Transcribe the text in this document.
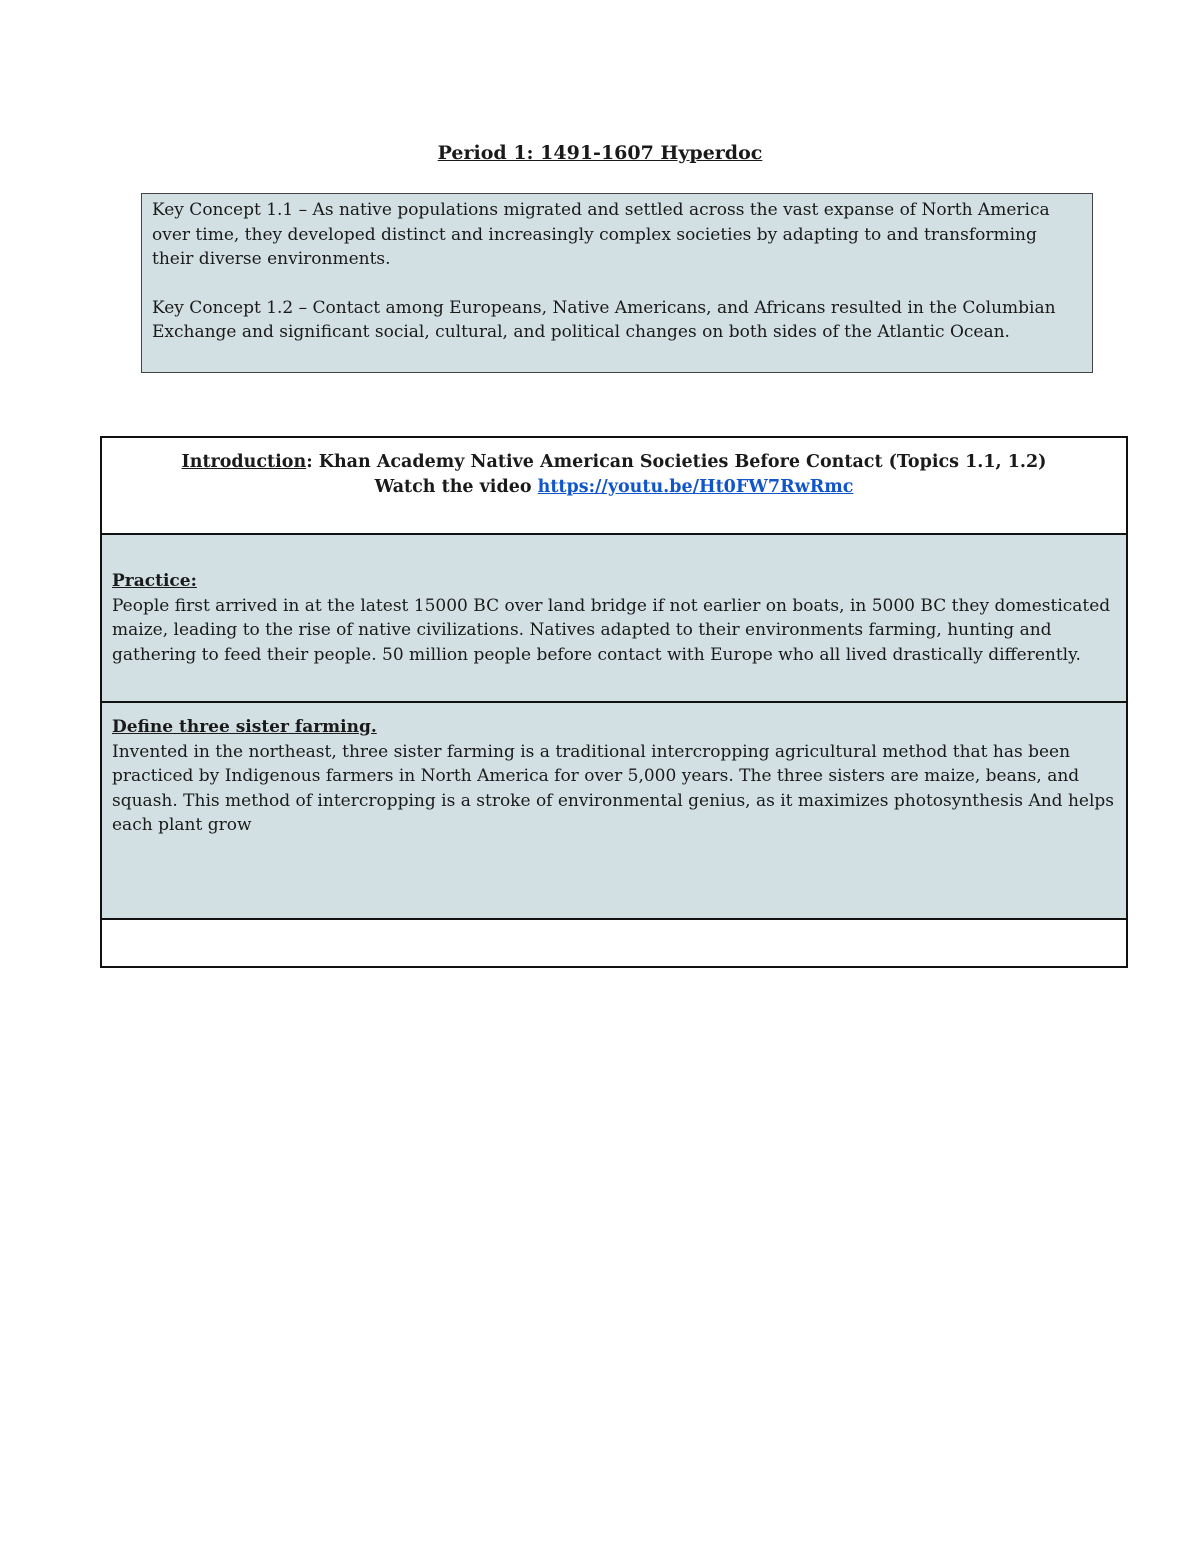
Period 1: 1491-1607 Hyperdoc

Key Concept 1.1 – As native populations migrated and settled across the vast expanse of North America over time, they developed distinct and increasingly complex societies by adapting to and transforming their diverse environments.

Key Concept 1.2 – Contact among Europeans, Native Americans, and Africans resulted in the Columbian Exchange and significant social, cultural, and political changes on both sides of the Atlantic Ocean.

Introduction: Khan Academy Native American Societies Before Contact (Topics 1.1, 1.2)
Watch the video https://youtu.be/Ht0FW7RwRmc
Practice:
People first arrived in at the latest 15000 BC over land bridge if not earlier on boats, in 5000 BC they domesticated maize, leading to the rise of native civilizations. Natives adapted to their environments farming, hunting and gathering to feed their people. 50 million people before contact with Europe who all lived drastically differently.
Define three sister farming.
Invented in the northeast, three sister farming is a traditional intercropping agricultural method that has been practiced by Indigenous farmers in North America for over 5,000 years. The three sisters are maize, beans, and squash. This method of intercropping is a stroke of environmental genius, as it maximizes photosynthesis And helps each plant grow
